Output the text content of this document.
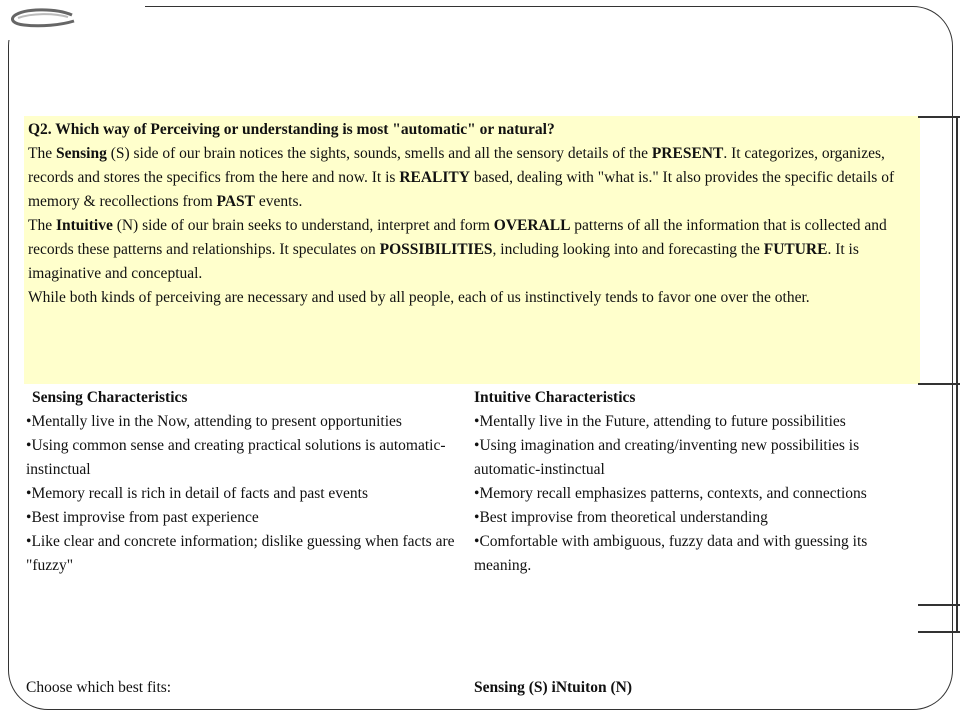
Q2. Which way of Perceiving or understanding is most "automatic" or natural?

The Sensing (S) side of our brain notices the sights, sounds, smells and all the sensory details of the PRESENT. It categorizes, organizes, records and stores the specifics from the here and now. It is REALITY based, dealing with "what is." It also provides the specific details of memory & recollections from PAST events.

The Intuitive (N) side of our brain seeks to understand, interpret and form OVERALL patterns of all the information that is collected and records these patterns and relationships. It speculates on POSSIBILITIES, including looking into and forecasting the FUTURE. It is imaginative and conceptual.

While both kinds of perceiving are necessary and used by all people, each of us instinctively tends to favor one over the other.

Sensing Characteristics
• Mentally live in the Now, attending to present opportunities
• Using common sense and creating practical solutions is automatic-instinctual
• Memory recall is rich in detail of facts and past events
• Best improvise from past experience
• Like clear and concrete information; dislike guessing when facts are "fuzzy"
Intuitive Characteristics
• Mentally live in the Future, attending to future possibilities
• Using imagination and creating/inventing new possibilities is automatic-instinctual
• Memory recall emphasizes patterns, contexts, and connections
• Best improvise from theoretical understanding
• Comfortable with ambiguous, fuzzy data and with guessing its meaning.
Choose which best fits:	Sensing (S) iNtuiton (N)
